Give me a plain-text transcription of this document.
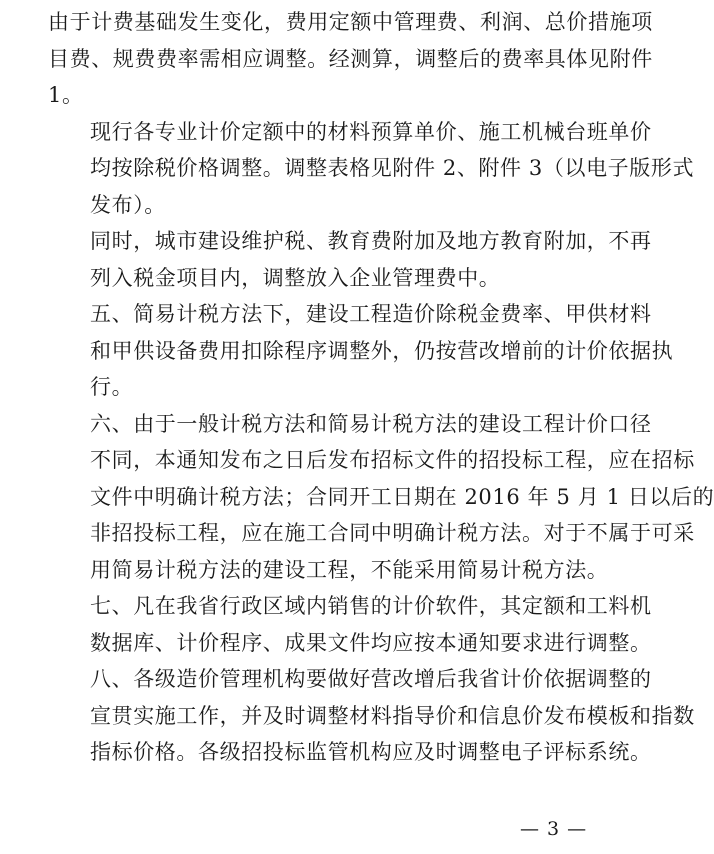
由于计费基础发生变化，费用定额中管理费、利润、总价措施项
目费、规费费率需相应调整。经测算，调整后的费率具体见附件
1。

现行各专业计价定额中的材料预算单价、施工机械台班单价
均按除税价格调整。调整表格见附件 2、附件 3（以电子版形式
发布）。

同时，城市建设维护税、教育费附加及地方教育附加，不再
列入税金项目内，调整放入企业管理费中。

五、简易计税方法下，建设工程造价除税金费率、甲供材料
和甲供设备费用扣除程序调整外，仍按营改增前的计价依据执
行。

六、由于一般计税方法和简易计税方法的建设工程计价口径
不同，本通知发布之日后发布招标文件的招投标工程，应在招标
文件中明确计税方法；合同开工日期在 2016 年 5 月 1 日以后的
非招投标工程，应在施工合同中明确计税方法。对于不属于可采
用简易计税方法的建设工程，不能采用简易计税方法。

七、凡在我省行政区域内销售的计价软件，其定额和工料机
数据库、计价程序、成果文件均应按本通知要求进行调整。

八、各级造价管理机构要做好营改增后我省计价依据调整的
宣贯实施工作，并及时调整材料指导价和信息价发布模板和指数
指标价格。各级招投标监管机构应及时调整电子评标系统。

— 3 —
